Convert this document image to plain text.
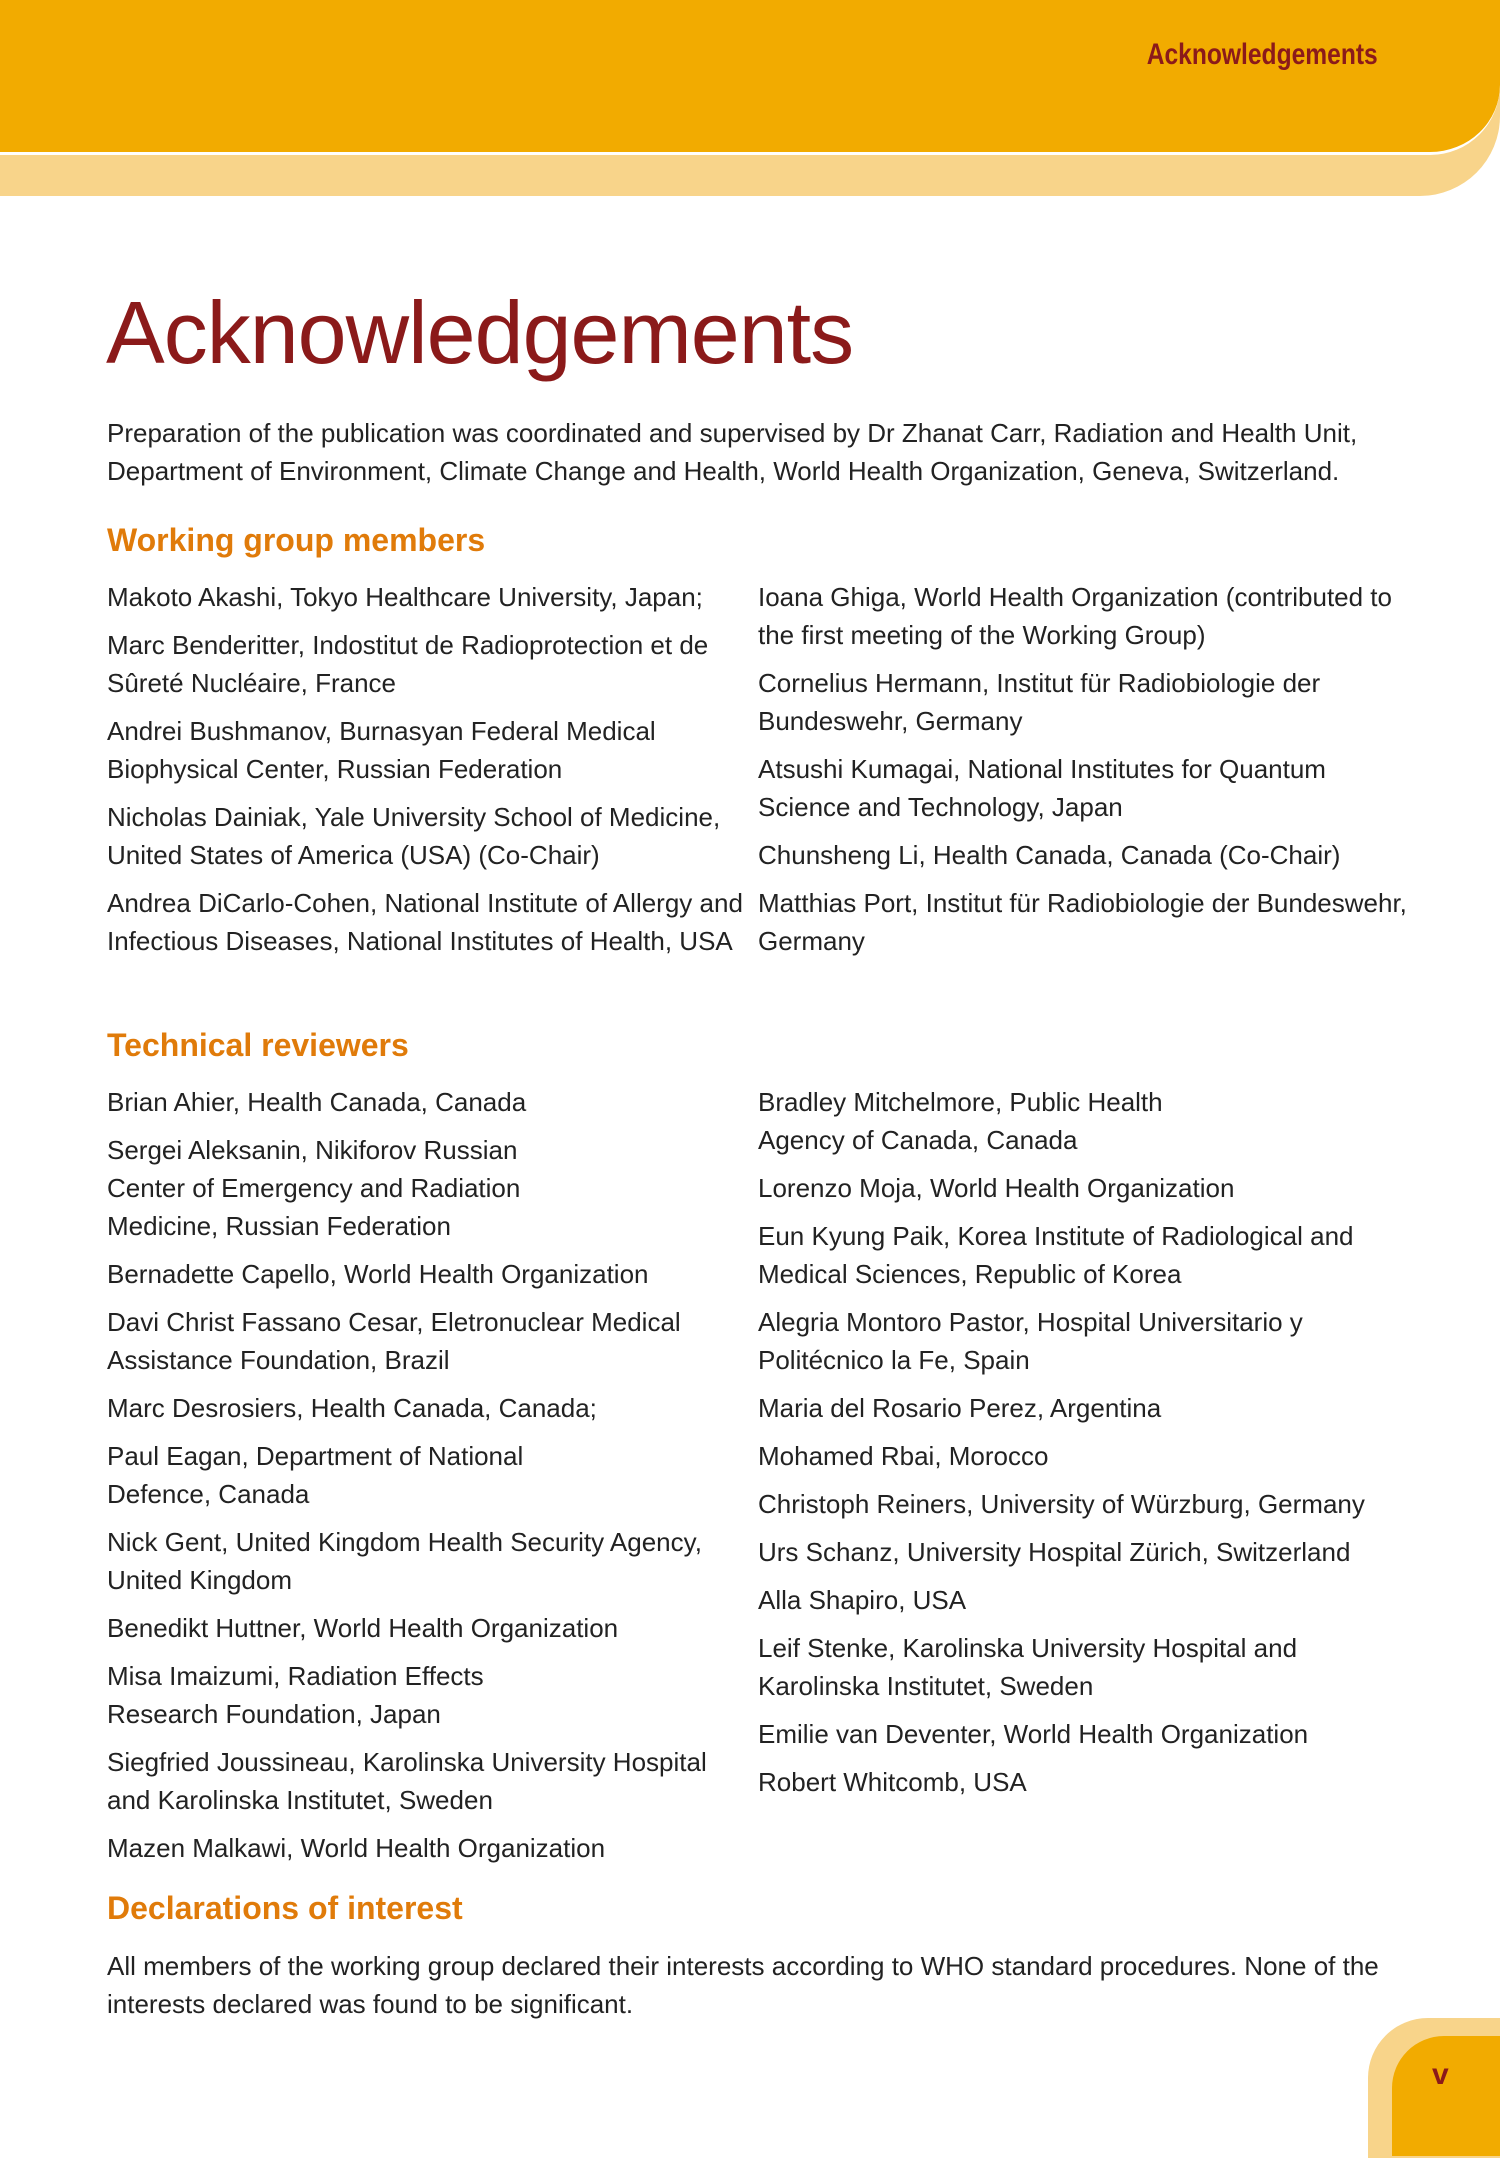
Acknowledgements
Acknowledgements

Preparation of the publication was coordinated and supervised by Dr Zhanat Carr, Radiation and Health Unit, Department of Environment, Climate Change and Health, World Health Organization, Geneva, Switzerland.

Working group members
Makoto Akashi, Tokyo Healthcare University, Japan;
Marc Benderitter, Indostitut de Radioprotection et de Sûreté Nucléaire, France
Andrei Bushmanov, Burnasyan Federal Medical Biophysical Center, Russian Federation
Nicholas Dainiak, Yale University School of Medicine, United States of America (USA) (Co-Chair)
Andrea DiCarlo-Cohen, National Institute of Allergy and Infectious Diseases, National Institutes of Health, USA
Ioana Ghiga, World Health Organization (contributed to the first meeting of the Working Group)
Cornelius Hermann, Institut für Radiobiologie der Bundeswehr, Germany
Atsushi Kumagai, National Institutes for Quantum Science and Technology, Japan
Chunsheng Li, Health Canada, Canada (Co-Chair)
Matthias Port, Institut für Radiobiologie der Bundeswehr, Germany
Technical reviewers
Brian Ahier, Health Canada, Canada
Sergei Aleksanin, Nikiforov Russian Center of Emergency and Radiation Medicine, Russian Federation
Bernadette Capello, World Health Organization
Davi Christ Fassano Cesar, Eletronuclear Medical Assistance Foundation, Brazil
Marc Desrosiers, Health Canada, Canada;
Paul Eagan, Department of National Defence, Canada
Nick Gent, United Kingdom Health Security Agency, United Kingdom
Benedikt Huttner, World Health Organization
Misa Imaizumi, Radiation Effects Research Foundation, Japan
Siegfried Joussineau, Karolinska University Hospital and Karolinska Institutet, Sweden
Mazen Malkawi, World Health Organization
Bradley Mitchelmore, Public Health Agency of Canada, Canada
Lorenzo Moja, World Health Organization
Eun Kyung Paik, Korea Institute of Radiological and Medical Sciences, Republic of Korea
Alegria Montoro Pastor, Hospital Universitario y Politécnico la Fe, Spain
Maria del Rosario Perez, Argentina
Mohamed Rbai, Morocco
Christoph Reiners, University of Würzburg, Germany
Urs Schanz, University Hospital Zürich, Switzerland
Alla Shapiro, USA
Leif Stenke, Karolinska University Hospital and Karolinska Institutet, Sweden
Emilie van Deventer, World Health Organization
Robert Whitcomb, USA
Declarations of interest

All members of the working group declared their interests according to WHO standard procedures. None of the interests declared was found to be significant.

v
